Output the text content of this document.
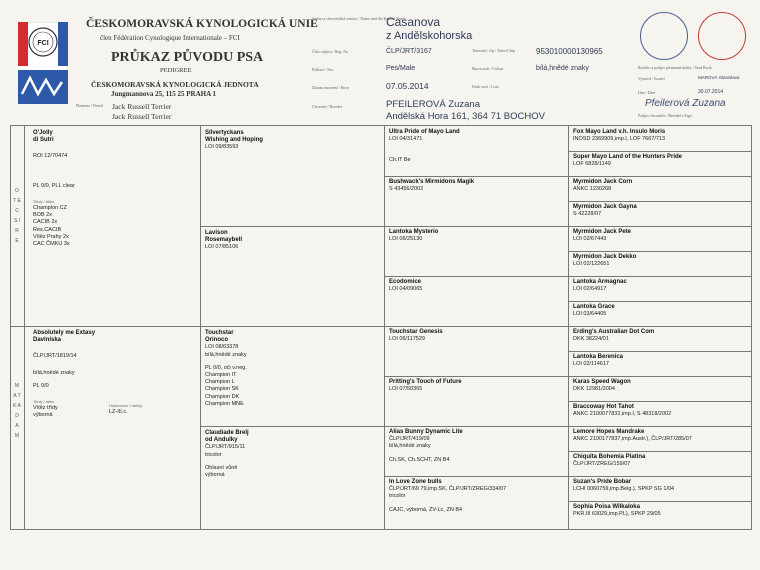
FCI
ČESKOMORAVSKÁ KYNOLOGICKÁ UNIE
člen Fédération Cynologique Internationale – FCI
PRŮKAZ PŮVODU PSA
PEDIGREE
ČESKOMORAVSKÁ KYNOLOGICKÁ JEDNOTA
Jungmannova 25, 115 25 PRAHA 1
Plemeno / Breed Jack Russell Terrier
Jack Russell Terrier
Jméno a chovatelská stanice / Name and the Kennel Name
Číslo zápisu / Reg. No
Pohlaví / Sex
Datum narození / Born
Chovatel / Breeder
Tetování / čip / Tatoo/Chip
Barva srsti / Colour
Druh srsti / Coat
Razítko a podpis plemenné knihy / Stud Book
Vystavil / Issued
Dne / Date
Podpis chovatele / Breeder's Sign.
Casanova
z Andělskohorska
ČLP/JRT/3167
Pes/Male
07.05.2014
953010000130965
bílá,hnědé znaky
PFEILEROVÁ Zuzana
Andělská Hora 161, 364 71 BOCHOV
MAROVÁ Stanislava
30.07.2014
Pfeilerová Zuzana
O T E C S I R E
M A T K A D A M
O'Jolly
di Sutri
ROI 12/70474
PL 0/0, PLL clear
Tituly / titles
Champion CZ
BOB 2x
CACIB 2x
Res.CACIB
Vítěz Prahy 2x
CAC ČMKU 3x
Absolutely me Extasy
Daviniska
ČLP/JRT/1819/14
bílá,hnědé znaky
PL 0/0
Tituly / titles
Vítěz třídy
výborná
Hodnocení / rating
LZ-III.c.
Silvertyckans
Wishing and Hoping
LOI 09/83593
Lavison
Rosemaybell
LOI 07/85106
Touchstar
Orinoco
LOI 08/63378
bílá,hnědé znaky
PL 0/0, oči v.neg.
Champion IT
Champion L
Champion SK
Champion DK
Champion MNE
Claudiade Brelj
od Andulky
ČLP/JRT/915/11
tricolor
Ohlasní vůně
výborná
Ultra Pride of Mayo Land
LOI 04/31471
Ch.IT Be
Bushwack's Mirmidons Magik
S 43456/2002
Lantoka Mysterio
LOI 06/25130
Ecodomice
LOI 04/09065
Touchstar Genesis
LOI 06/117529
Pritting's Touch of Future
LOI 07/50365
Alias Bunny Dynamic Lite
ČLP/JRT/419/09
bílá,hnědé znaky
Ch.SK, Ch.SCHT, ZN B4
In Love Zone bulls
ČLP/JRT/69 79,imp.SK, ČLP/JRT/ZREG/334/07
tricolor
CAJC, výborná, ZV-Lc, ZN B4
Fox Mayo Land v.h. Insulo Moris
INOSD 2369909,imp.I, LOF 7667/713
Super Mayo Land of the Hunters Pride
LOF 6828/1149
Myrmidon Jack Corn
ANKC 1230268
Myrmidon Jack Gayna
S 42228/07
Myrmidon Jack Pete
LOI 02/67443
Myrmidon Jack Dekko
LOI 02/122651
Lantoka Armagnac
LOI 02/64917
Lantoka Grace
LOI 03/64405
Erding's Australian Dot Com
DKK 38224/01
Lantoka Berenica
LOI 02/114617
Karas Speed Wagon
DKK 12981/2004
Braccoway Hot Tahot
ANKC 2100077832,imp.I, S 48318/2002
Lemore Hopes Mandrake
ANKC 2100177837,imp.Austr.), ČLP/JRT/285/07
Chiquita Bohemia Platina
ČLP/JRT/ZREG/159/07
Suzan's Pride Bobar
LCHI 0060759,imp.Belg.), SPKP SG 1/04
Sophia Poisa Wilkaloka
PKR.III 63029,imp.PL), SPKP 29/05
